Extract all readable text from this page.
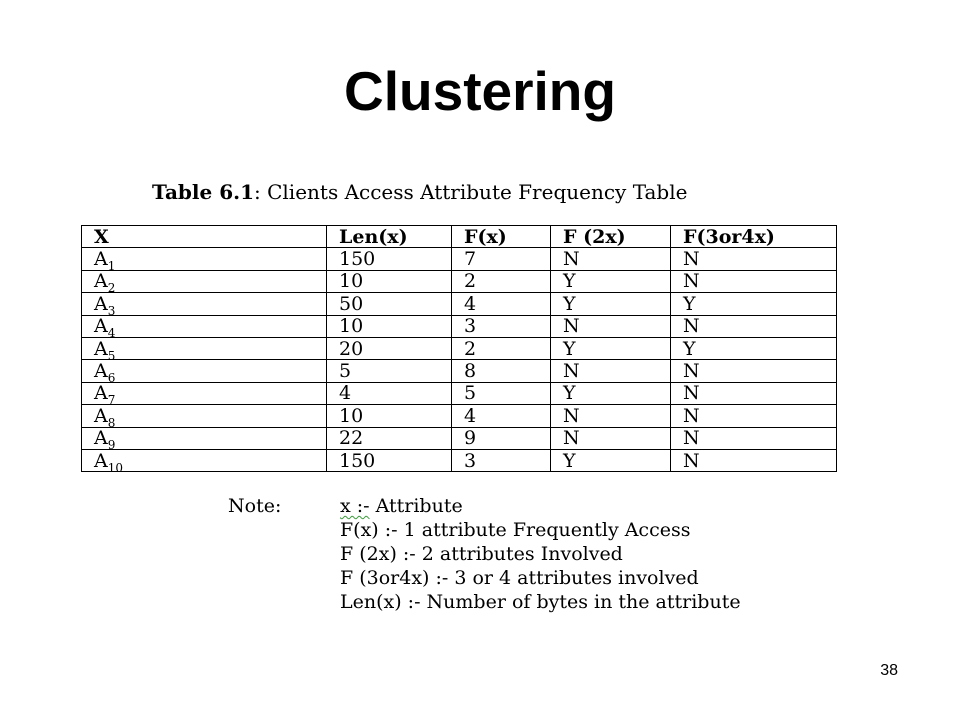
Clustering
Table 6.1: Clients Access Attribute Frequency Table
X	Len(x)	F(x)	F (2x)	F(3or4x)
$A_1$	150	7	N	N
$A_2$	10	2	Y	N
$A_3$	50	4	Y	Y
$A_4$	10	3	N	N
$A_5$	20	2	Y	Y
$A_6$	5	8	N	N
$A_7$	4	5	Y	N
$A_8$	10	4	N	N
$A_9$	22	9	N	N
$A_{10}$	150	3	Y	N
Note:	x :- Attribute
F(x) :- 1 attribute Frequently Access
F (2x) :- 2 attributes Involved
F (3or4x) :- 3 or 4 attributes involved
Len(x) :- Number of bytes in the attribute
38
